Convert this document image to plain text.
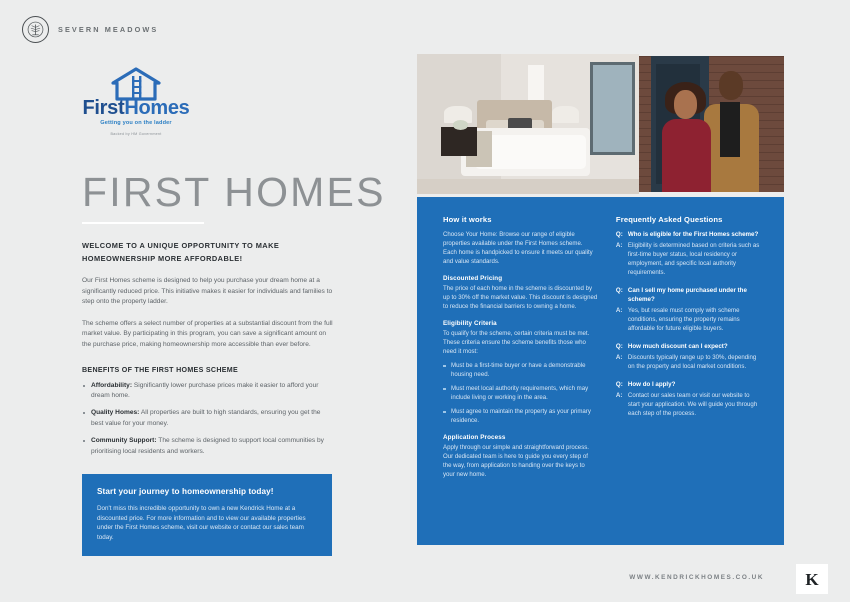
SEVERN MEADOWS
FirstHomes
Getting you on the ladder
Backed by HM Government
FIRST HOMES
WELCOME TO A UNIQUE OPPORTUNITY TO MAKE HOMEOWNERSHIP MORE AFFORDABLE!
Our First Homes scheme is designed to help you purchase your dream home at a significantly reduced price. This initiative makes it easier for individuals and families to step onto the property ladder.
The scheme offers a select number of properties at a substantial discount from the full market value. By participating in this program, you can save a significant amount on the purchase price, making homeownership more accessible than ever before.
BENEFITS OF THE FIRST HOMES SCHEME
Affordability: Significantly lower purchase prices make it easier to afford your dream home.
Quality Homes: All properties are built to high standards, ensuring you get the best value for your money.
Community Support: The scheme is designed to support local communities by prioritising local residents and workers.
Start your journey to homeownership today!

Don't miss this incredible opportunity to own a new Kendrick Home at a discounted price. For more information and to view our available properties under the First Homes scheme, visit our website or contact our sales team today.

How it works
Choose Your Home: Browse our range of eligible properties available under the First Homes scheme. Each home is handpicked to ensure it meets our quality and value standards.
Discounted Pricing
The price of each home in the scheme is discounted by up to 30% off the market value. This discount is designed to reduce the financial barriers to owning a home.
Eligibility Criteria
To qualify for the scheme, certain criteria must be met. These criteria ensure the scheme benefits those who need it most:
Must be a first-time buyer or have a demonstrable housing need.
Must meet local authority requirements, which may include living or working in the area.
Must agree to maintain the property as your primary residence.
Application Process
Apply through our simple and straightforward process. Our dedicated team is here to guide you every step of the way, from application to handing over the keys to your new home.
Frequently Asked Questions
Q: Who is eligible for the First Homes scheme?
A: Eligibility is determined based on criteria such as first-time buyer status, local residency or employment, and specific local authority requirements.
Q: Can I sell my home purchased under the scheme?
A: Yes, but resale must comply with scheme conditions, ensuring the property remains affordable for future eligible buyers.
Q: How much discount can I expect?
A: Discounts typically range up to 30%, depending on the property and local market conditions.
Q: How do I apply?
A: Contact our sales team or visit our website to start your application. We will guide you through each step of the process.
WWW.KENDRICKHOMES.CO.UK K
